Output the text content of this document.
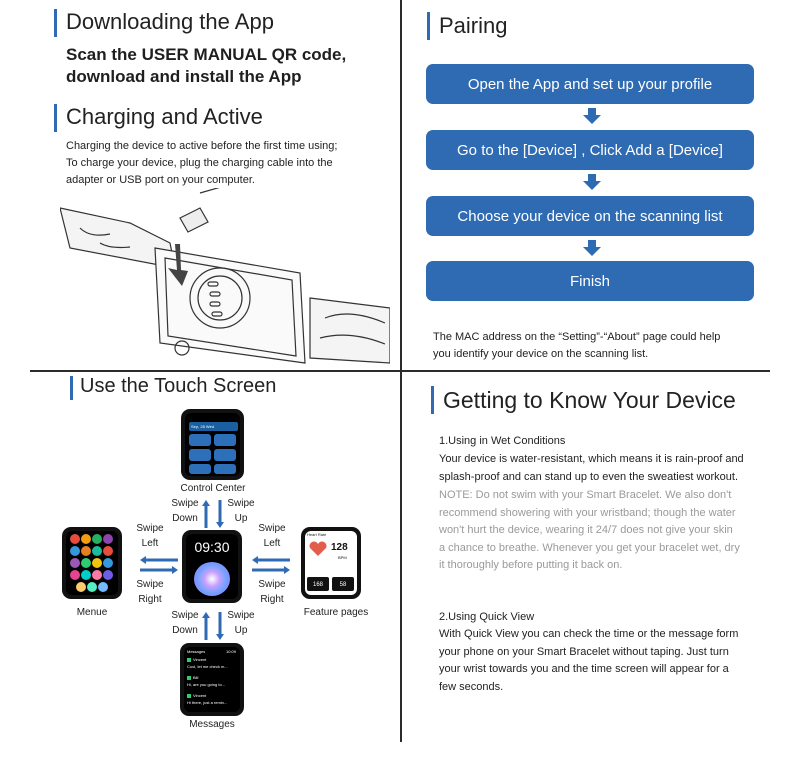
Downloading the App
Scan the USER MANUAL QR code,
download and install the App
Charging and Active
Charging the device to active before the first time using;
To charge your device, plug the charging cable into the
adapter or USB port on your computer.
Pairing
Open the App and set up your profile
Go to the [Device] , Click Add a [Device]
Choose your device on the scanning list
Finish
The MAC address on the “Setting”-“About” page could help
you identify your device on the scanning list.
Use the Touch Screen
Sep, 28 Wed
Control Center
Swipe
Down
Swipe
Up
09:30
Menue
Swipe
Left
Swipe
Right
Swipe
Left
Swipe
Right
Heart Rate
128
BPM
168	58
Feature pages
Swipe
Down
Swipe
Up
Messages	10:09
Vincent
Cool, let me check m...
Bill
Hi, are you going to...
Vincent
Hi there, just a remin...
Messages
Getting to Know Your Device
1.Using in Wet Conditions
Your device is water-resistant, which means it is rain-proof and
splash-proof and can stand up to even the sweatiest workout.
NOTE: Do not swim with your Smart Bracelet. We also don't
recommend showering with your wristband; though the water
won't hurt the device, wearing it 24/7 does not give your skin
a chance to breathe. Whenever you get your bracelet wet, dry
it thoroughly before putting it back on.
2.Using Quick View
With Quick View you can check the time or the message form
your phone on your Smart Bracelet without taping. Just turn
your wrist towards you and the time screen will appear for a
few seconds.
